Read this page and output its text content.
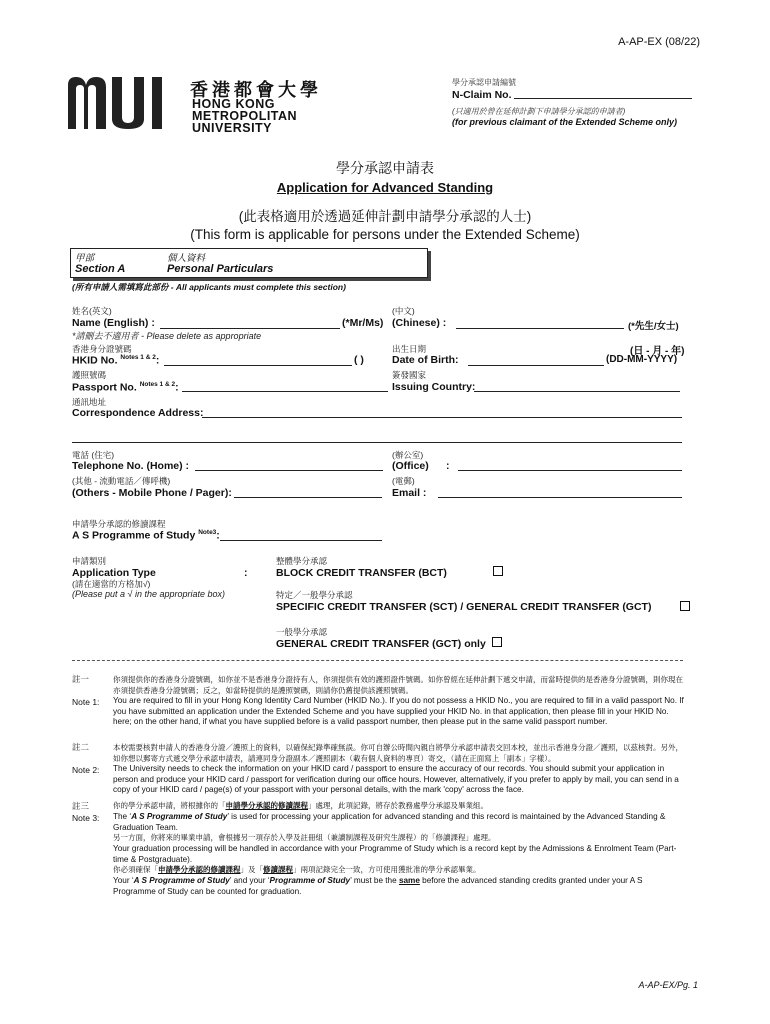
A-AP-EX (08/22)
香港都會大學
HONG KONG
METROPOLITAN
UNIVERSITY
學分承認申請編號
N-Claim No.
(只適用於曾在延伸計劃下申請學分承認的申請者)
(for previous claimant of the Extended Scheme only)
學分承認申請表
Application for Advanced Standing
(此表格適用於透過延伸計劃申請學分承認的人士)
(This form is applicable for persons under the Extended Scheme)
甲部	個人資料
Section A	Personal Particulars
(所有申請人需填寫此部份 - All applicants must complete this section)
姓名(英文)
Name (English) :	(*Mr/Ms)
(中文)
(Chinese) :	(*先生/女士)
*請刪去不適用者 - Please delete as appropriate
香港身分證號碼
HKID No. $^{Notes 1 \& 2}$:	( )
出生日期
Date of Birth:
(日 - 月 - 年)
(DD-MM-YYYY)
護照號碼
Passport No. $^{Notes 1 \& 2}$:
簽發國家
Issuing Country:
通訊地址
Correspondence Address:
電話 (住宅)
Telephone No. (Home) :
(辦公室)
(Office) :
(其他 - 流動電話／傳呼機)
(Others - Mobile Phone / Pager):
(電郵)
Email :
申請學分承認的修讀課程
A S Programme of Study $^{Note3}$:
申請類別
Application Type	:
(請在適當的方格加√)
(Please put a √ in the appropriate box)
整體學分承認
BLOCK CREDIT TRANSFER (BCT)
特定／一般學分承認
SPECIFIC CREDIT TRANSFER (SCT) / GENERAL CREDIT TRANSFER (GCT)
一般學分承認
GENERAL CREDIT TRANSFER (GCT) only
註一	你須提供你的香港身分證號碼，如你並不是香港身分證持有人，你須提供有效的護照證件號碼。如你曾經在延伸計劃下遞交申請，而當時提供的是香港身分證號碼，則你現在亦須提供香港身分證號碼；反之，如當時提供的是護照號碼，則請你仍舊提供該護照號碼。
Note 1: You are required to fill in your Hong Kong Identity Card Number (HKID No.). If you do not possess a HKID No., you are required to fill in a valid passport No. If you have submitted an application under the Extended Scheme and you have supplied your HKID No. in that application, then please fill in your HKID No. here; on the other hand, if what you have supplied before is a valid passport number, then please put in the same valid passport number.
註二	本校需要核對申請人的香港身分證／護照上的資料，以確保紀錄準確無誤。你可自辦公時間內親自將學分承認申請表交回本校，並出示香港身分證／護照，以茲核對。另外，如你想以郵寄方式遞交學分承認申請表，請連同身分證副本／護照副本（載有個人資料的專頁）寄交，（請在正面寫上「副本」字樣）。
Note 2: The University needs to check the information on your HKID card / passport to ensure the accuracy of our records. You should submit your application in person and produce your HKID card / passport for verification during our office hours. However, alternatively, if you prefer to apply by mail, you can send in a copy of your HKID card / page(s) of your passport with your personal details, with the mark 'copy' across the face.
註三	你的學分承認申請，將根據你的「申請學分承認的修讀課程」處理，此項記錄，將存於教務處學分承認及畢業組。
Note 3: The ‘A S Programme of Study’ is used for processing your application for advanced standing and this record is maintained by the Advanced Standing & Graduation Team.
另一方面，你將來的畢業申請，會根據另一項存於入學及註冊組（兼讀制課程及研究生課程）的「修讀課程」處理。
Your graduation processing will be handled in accordance with your Programme of Study which is a record kept by the Admissions & Enrolment Team (Part-time & Postgraduate).
你必須確保「申請學分承認的修讀課程」及「修讀課程」兩項記錄完全一致，方可使用獲批准的學分承認畢業。
Your ‘A S Programme of Study’ and your ‘Programme of Study’ must be the same before the advanced standing credits granted under your A S Programme of Study can be counted for graduation.
A-AP-EX/Pg. 1
